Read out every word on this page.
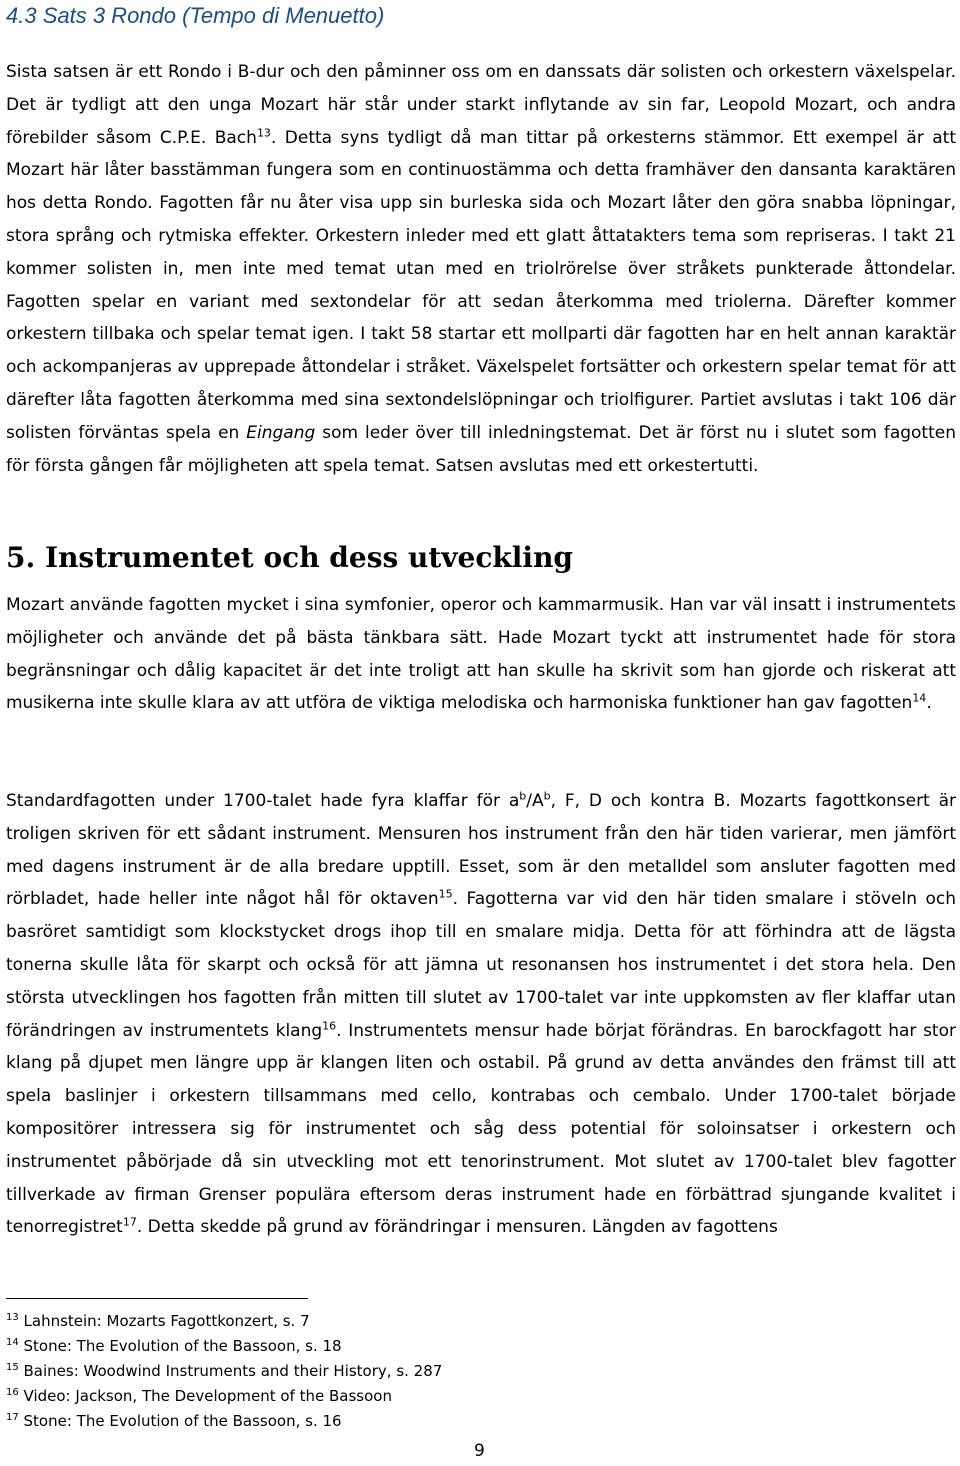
4.3 Sats 3 Rondo (Tempo di Menuetto)

Sista satsen är ett Rondo i B-dur och den påminner oss om en danssats där solisten och orkestern växelspelar. Det är tydligt att den unga Mozart här står under starkt inflytande av sin far, Leopold Mozart, och andra förebilder såsom C.P.E. Bach$^{13}$. Detta syns tydligt då man tittar på orkesterns stämmor. Ett exempel är att Mozart här låter basstämman fungera som en continuostämma och detta framhäver den dansanta karaktären hos detta Rondo. Fagotten får nu åter visa upp sin burleska sida och Mozart låter den göra snabba löpningar, stora språng och rytmiska effekter. Orkestern inleder med ett glatt åttatakters tema som repriseras. I takt 21 kommer solisten in, men inte med temat utan med en triolrörelse över stråkets punkterade åttondelar. Fagotten spelar en variant med sextondelar för att sedan återkomma med triolerna. Därefter kommer orkestern tillbaka och spelar temat igen. I takt 58 startar ett mollparti där fagotten har en helt annan karaktär och ackompanjeras av upprepade åttondelar i stråket. Växelspelet fortsätter och orkestern spelar temat för att därefter låta fagotten återkomma med sina sextondelslöpningar och triolfigurer. Partiet avslutas i takt 106 där solisten förväntas spela en Eingang som leder över till inledningstemat. Det är först nu i slutet som fagotten för första gången får möjligheten att spela temat. Satsen avslutas med ett orkestertutti.

5. Instrumentet och dess utveckling

Mozart använde fagotten mycket i sina symfonier, operor och kammarmusik. Han var väl insatt i instrumentets möjligheter och använde det på bästa tänkbara sätt. Hade Mozart tyckt att instrumentet hade för stora begränsningar och dålig kapacitet är det inte troligt att han skulle ha skrivit som han gjorde och riskerat att musikerna inte skulle klara av att utföra de viktiga melodiska och harmoniska funktioner han gav fagotten$^{14}$.

Standardfagotten under 1700-talet hade fyra klaffar för $a^b/A^b$, F, D och kontra B. Mozarts fagottkonsert är troligen skriven för ett sådant instrument. Mensuren hos instrument från den här tiden varierar, men jämfört med dagens instrument är de alla bredare upptill. Esset, som är den metalldel som ansluter fagotten med rörbladet, hade heller inte något hål för oktaven$^{15}$. Fagotterna var vid den här tiden smalare i stöveln och basröret samtidigt som klockstycket drogs ihop till en smalare midja. Detta för att förhindra att de lägsta tonerna skulle låta för skarpt och också för att jämna ut resonansen hos instrumentet i det stora hela. Den största utvecklingen hos fagotten från mitten till slutet av 1700-talet var inte uppkomsten av fler klaffar utan förändringen av instrumentets klang$^{16}$. Instrumentets mensur hade börjat förändras. En barockfagott har stor klang på djupet men längre upp är klangen liten och ostabil. På grund av detta användes den främst till att spela baslinjer i orkestern tillsammans med cello, kontrabas och cembalo. Under 1700-talet började kompositörer intressera sig för instrumentet och såg dess potential för soloinsatser i orkestern och instrumentet påbörjade då sin utveckling mot ett tenorinstrument. Mot slutet av 1700-talet blev fagotter tillverkade av firman Grenser populära eftersom deras instrument hade en förbättrad sjungande kvalitet i tenorregistret$^{17}$. Detta skedde på grund av förändringar i mensuren. Längden av fagottens

$^{13}$ Lahnstein: Mozarts Fagottkonzert, s. 7
$^{14}$ Stone: The Evolution of the Bassoon, s. 18
$^{15}$ Baines: Woodwind Instruments and their History, s. 287
$^{16}$ Video: Jackson, The Development of the Bassoon
$^{17}$ Stone: The Evolution of the Bassoon, s. 16
9
